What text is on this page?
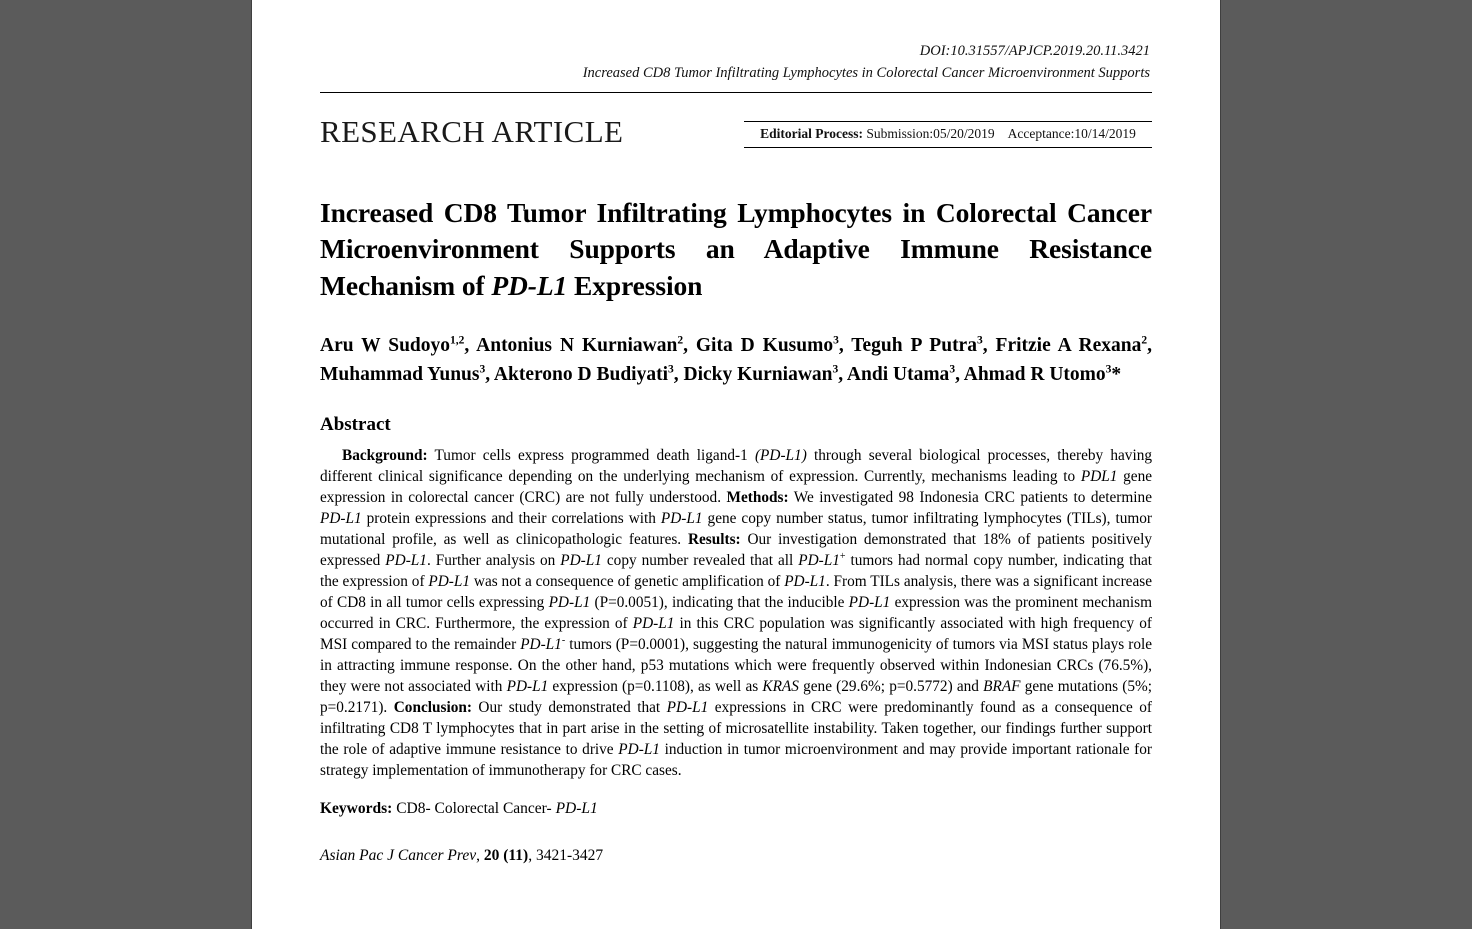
DOI:10.31557/APJCP.2019.20.11.3421
Increased CD8 Tumor Infiltrating Lymphocytes in Colorectal Cancer Microenvironment Supports
RESEARCH ARTICLE	Editorial Process: Submission:05/20/2019 Acceptance:10/14/2019
Increased CD8 Tumor Infiltrating Lymphocytes in Colorectal Cancer Microenvironment Supports an Adaptive Immune Resistance Mechanism of PD-L1 Expression
Aru W Sudoyo$^{1,2}$, Antonius N Kurniawan$^2$, Gita D Kusumo$^3$, Teguh P Putra$^3$, Fritzie A Rexana$^2$, Muhammad Yunus$^3$, Akterono D Budiyati$^3$, Dicky Kurniawan$^3$, Andi Utama$^3$, Ahmad R Utomo$^3$*
Abstract
Background: Tumor cells express programmed death ligand-1 (PD-L1) through several biological processes, thereby having different clinical significance depending on the underlying mechanism of expression. Currently, mechanisms leading to PDL1 gene expression in colorectal cancer (CRC) are not fully understood. Methods: We investigated 98 Indonesia CRC patients to determine PD-L1 protein expressions and their correlations with PD-L1 gene copy number status, tumor infiltrating lymphocytes (TILs), tumor mutational profile, as well as clinicopathologic features. Results: Our investigation demonstrated that 18% of patients positively expressed PD-L1. Further analysis on PD-L1 copy number revealed that all PD-L1+ tumors had normal copy number, indicating that the expression of PD-L1 was not a consequence of genetic amplification of PD-L1. From TILs analysis, there was a significant increase of CD8 in all tumor cells expressing PD-L1 (P=0.0051), indicating that the inducible PD-L1 expression was the prominent mechanism occurred in CRC. Furthermore, the expression of PD-L1 in this CRC population was significantly associated with high frequency of MSI compared to the remainder PD-L1- tumors (P=0.0001), suggesting the natural immunogenicity of tumors via MSI status plays role in attracting immune response. On the other hand, p53 mutations which were frequently observed within Indonesian CRCs (76.5%), they were not associated with PD-L1 expression (p=0.1108), as well as KRAS gene (29.6%; p=0.5772) and BRAF gene mutations (5%; p=0.2171). Conclusion: Our study demonstrated that PD-L1 expressions in CRC were predominantly found as a consequence of infiltrating CD8 T lymphocytes that in part arise in the setting of microsatellite instability. Taken together, our findings further support the role of adaptive immune resistance to drive PD-L1 induction in tumor microenvironment and may provide important rationale for strategy implementation of immunotherapy for CRC cases.
Keywords: CD8- Colorectal Cancer- PD-L1
Asian Pac J Cancer Prev, 20 (11), 3421-3427
